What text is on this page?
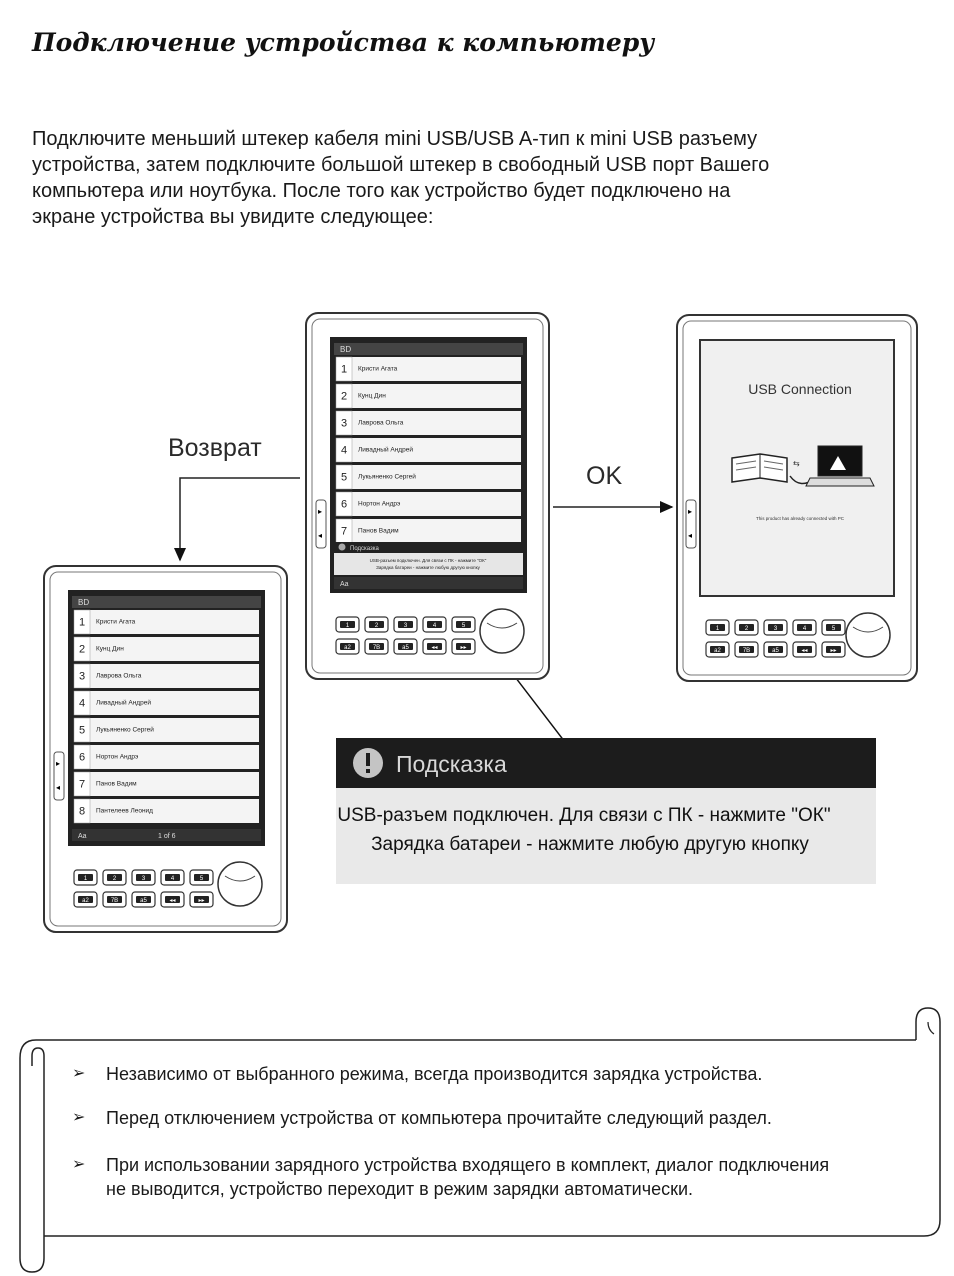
Подключение устройства к компьютеру
Подключите меньший штекер кабеля mini USB/USB A-тип к mini USB разъему
устройства, затем подключите большой штекер в свободный USB порт Вашего
компьютера или ноутбука. После того как устройство будет подключено на
экране устройства вы увидите следующее:
Возврат
OK
BD
1 Кристи Агата
2 Кунц Дин
3 Лаврова Ольга
4 Ливадный Андрей
5 Лукьяненко Сергей
6 Нортон Андрэ
7 Панов Вадим
8 Пантелеев Леонид
Aa	1 of 6
▸
◂
1	2	3	4	5
a2	7B	a5	◂◂	▸▸
BD
1 Кристи Агата
2 Кунц Дин
3 Лаврова Ольга
4 Ливадный Андрей
5 Лукьяненко Сергей
6 Нортон Андрэ
7 Панов Вадим
Подсказка
USB-разъем подключен. Для связи с ПК - нажмите "ОК"
Зарядка батареи - нажмите любую другую кнопку
Aa
▸
◂
1	2	3	4	5
a2	7B	a5	◂◂	▸▸
USB Connection
⇆
This product has already connected with PC
▸
◂
1	2	3	4	5
a2	7B	a5	◂◂	▸▸
Подсказка
USB-разъем подключен. Для связи с ПК - нажмите "ОК"
Зарядка батареи - нажмите любую другую кнопку
➢	Независимо от выбранного режима, всегда производится зарядка устройства.
➢	Перед отключением устройства от компьютера прочитайте следующий раздел.
➢	При использовании зарядного устройства входящего в комплект, диалог подключения не выводится, устройство переходит в режим зарядки автоматически.
